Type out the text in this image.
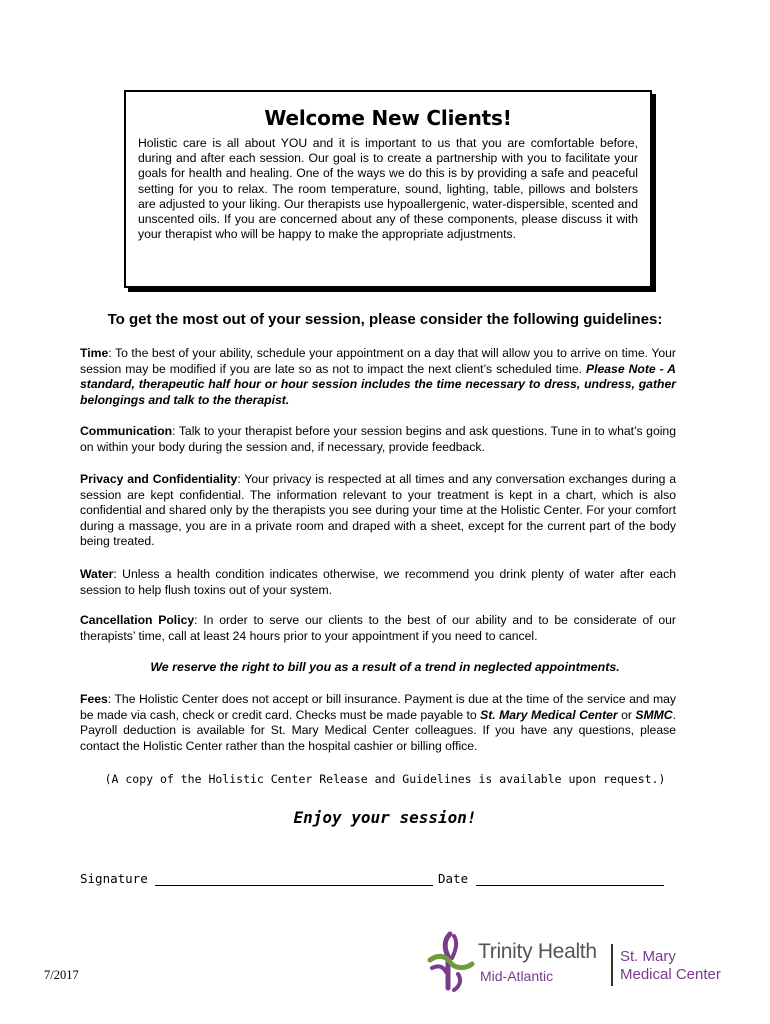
Welcome New Clients!
Holistic care is all about YOU and it is important to us that you are comfortable before, during and after each session. Our goal is to create a partnership with you to facilitate your goals for health and healing. One of the ways we do this is by providing a safe and peaceful setting for you to relax. The room temperature, sound, lighting, table, pillows and bolsters are adjusted to your liking. Our therapists use hypoallergenic, water-dispersible, scented and unscented oils. If you are concerned about any of these components, please discuss it with your therapist who will be happy to make the appropriate adjustments.
To get the most out of your session, please consider the following guidelines:
Time: To the best of your ability, schedule your appointment on a day that will allow you to arrive on time. Your session may be modified if you are late so as not to impact the next client’s scheduled time. Please Note - A standard, therapeutic half hour or hour session includes the time necessary to dress, undress, gather belongings and talk to the therapist.
Communication: Talk to your therapist before your session begins and ask questions. Tune in to what’s going on within your body during the session and, if necessary, provide feedback.
Privacy and Confidentiality: Your privacy is respected at all times and any conversation exchanges during a session are kept confidential. The information relevant to your treatment is kept in a chart, which is also confidential and shared only by the therapists you see during your time at the Holistic Center. For your comfort during a massage, you are in a private room and draped with a sheet, except for the current part of the body being treated.
Water: Unless a health condition indicates otherwise, we recommend you drink plenty of water after each session to help flush toxins out of your system.
Cancellation Policy: In order to serve our clients to the best of our ability and to be considerate of our therapists’ time, call at least 24 hours prior to your appointment if you need to cancel.
We reserve the right to bill you as a result of a trend in neglected appointments.
Fees: The Holistic Center does not accept or bill insurance. Payment is due at the time of the service and may be made via cash, check or credit card. Checks must be made payable to St. Mary Medical Center or SMMC. Payroll deduction is available for St. Mary Medical Center colleagues. If you have any questions, please contact the Holistic Center rather than the hospital cashier or billing office.
(A copy of the Holistic Center Release and Guidelines is available upon request.)
Enjoy your session!
Signature	Date
7/2017
Trinity Health
Mid-Atlantic
St. Mary
Medical Center
